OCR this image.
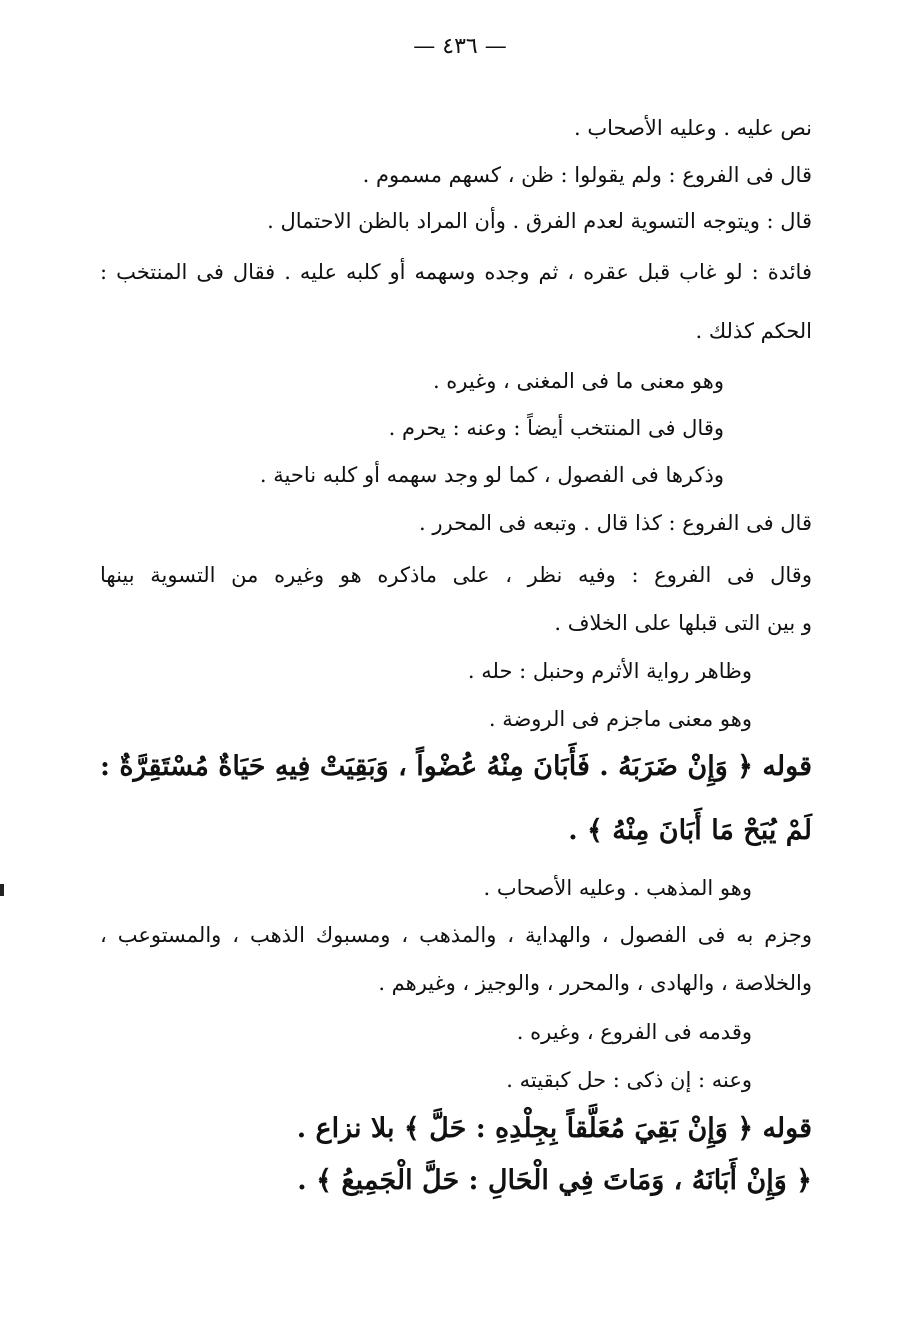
— ٤٣٦ —
نص عليه . وعليه الأصحاب .
قال فى الفروع : ولم يقولوا : ظن ، كسهم مسموم .
قال : ويتوجه التسوية لعدم الفرق . وأن المراد بالظن الاحتمال .
فائدة : لو غاب قبل عقره ، ثم وجده وسهمه أو كلبه عليه . فقال فى المنتخب :
الحكم كذلك .
وهو معنى ما فى المغنى ، وغيره .
وقال فى المنتخب أيضاً : وعنه : يحرم .
وذكرها فى الفصول ، كما لو وجد سهمه أو كلبه ناحية .
قال فى الفروع : كذا قال . وتبعه فى المحرر .
وقال فى الفروع : وفيه نظر ، على ماذكره هو وغيره من التسوية بينها
و بين التى قبلها على الخلاف .
وظاهر رواية الأثرم وحنبل : حله .
وهو معنى ماجزم فى الروضة .
قوله ﴿ وَإِنْ ضَرَبَهُ . فَأَبَانَ مِنْهُ عُضْواً ، وَبَقِيَتْ فِيهِ حَيَاةٌ مُسْتَقِرَّةٌ :
لَمْ يُبَحْ مَا أَبَانَ مِنْهُ ﴾ .
وهو المذهب . وعليه الأصحاب .
وجزم به فى الفصول ، والهداية ، والمذهب ، ومسبوك الذهب ، والمستوعب ،
والخلاصة ، والهادى ، والمحرر ، والوجيز ، وغيرهم .
وقدمه فى الفروع ، وغيره .
وعنه : إن ذكى : حل كبقيته .
قوله ﴿ وَإِنْ بَقِيَ مُعَلَّقاً بِجِلْدِهِ : حَلَّ ﴾ بلا نزاع .
﴿ وَإِنْ أَبَانَهُ ، وَمَاتَ فِي الْحَالِ : حَلَّ الْجَمِيعُ ﴾ .
